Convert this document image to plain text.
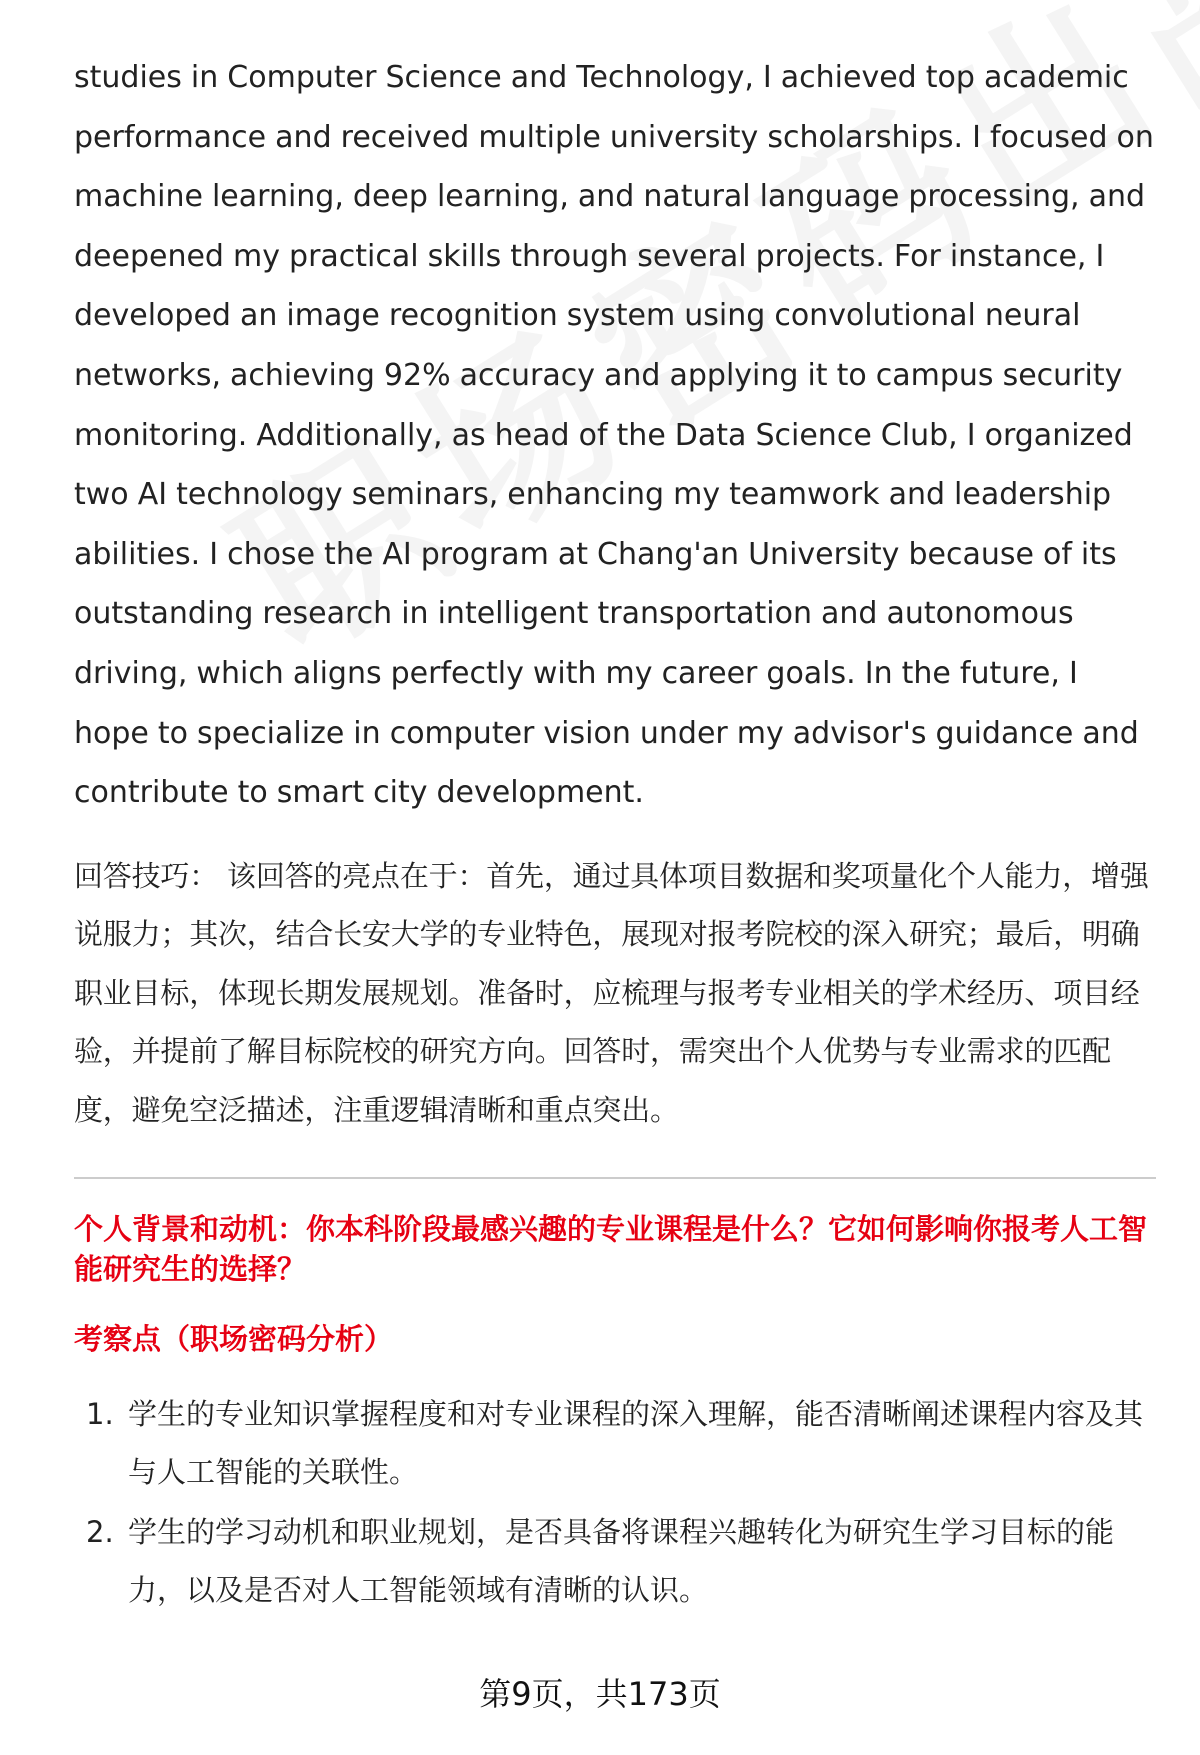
studies in Computer Science and Technology, I achieved top academic performance and received multiple university scholarships. I focused on machine learning, deep learning, and natural language processing, and deepened my practical skills through several projects. For instance, I developed an image recognition system using convolutional neural networks, achieving 92% accuracy and applying it to campus security monitoring. Additionally, as head of the Data Science Club, I organized two AI technology seminars, enhancing my teamwork and leadership abilities. I chose the AI program at Chang'an University because of its outstanding research in intelligent transportation and autonomous driving, which aligns perfectly with my career goals. In the future, I hope to specialize in computer vision under my advisor's guidance and contribute to smart city development.

回答技巧： 该回答的亮点在于：首先，通过具体项目数据和奖项量化个人能力，增强说服力；其次，结合长安大学的专业特色，展现对报考院校的深入研究；最后，明确职业目标，体现长期发展规划。准备时，应梳理与报考专业相关的学术经历、项目经验，并提前了解目标院校的研究方向。回答时，需突出个人优势与专业需求的匹配度，避免空泛描述，注重逻辑清晰和重点突出。

个人背景和动机：你本科阶段最感兴趣的专业课程是什么？它如何影响你报考人工智能研究生的选择？

考察点（职场密码分析）

1. 学生的专业知识掌握程度和对专业课程的深入理解，能否清晰阐述课程内容及其与人工智能的关联性。
2. 学生的学习动机和职业规划，是否具备将课程兴趣转化为研究生学习目标的能力，以及是否对人工智能领域有清晰的认识。
第9页，共173页
